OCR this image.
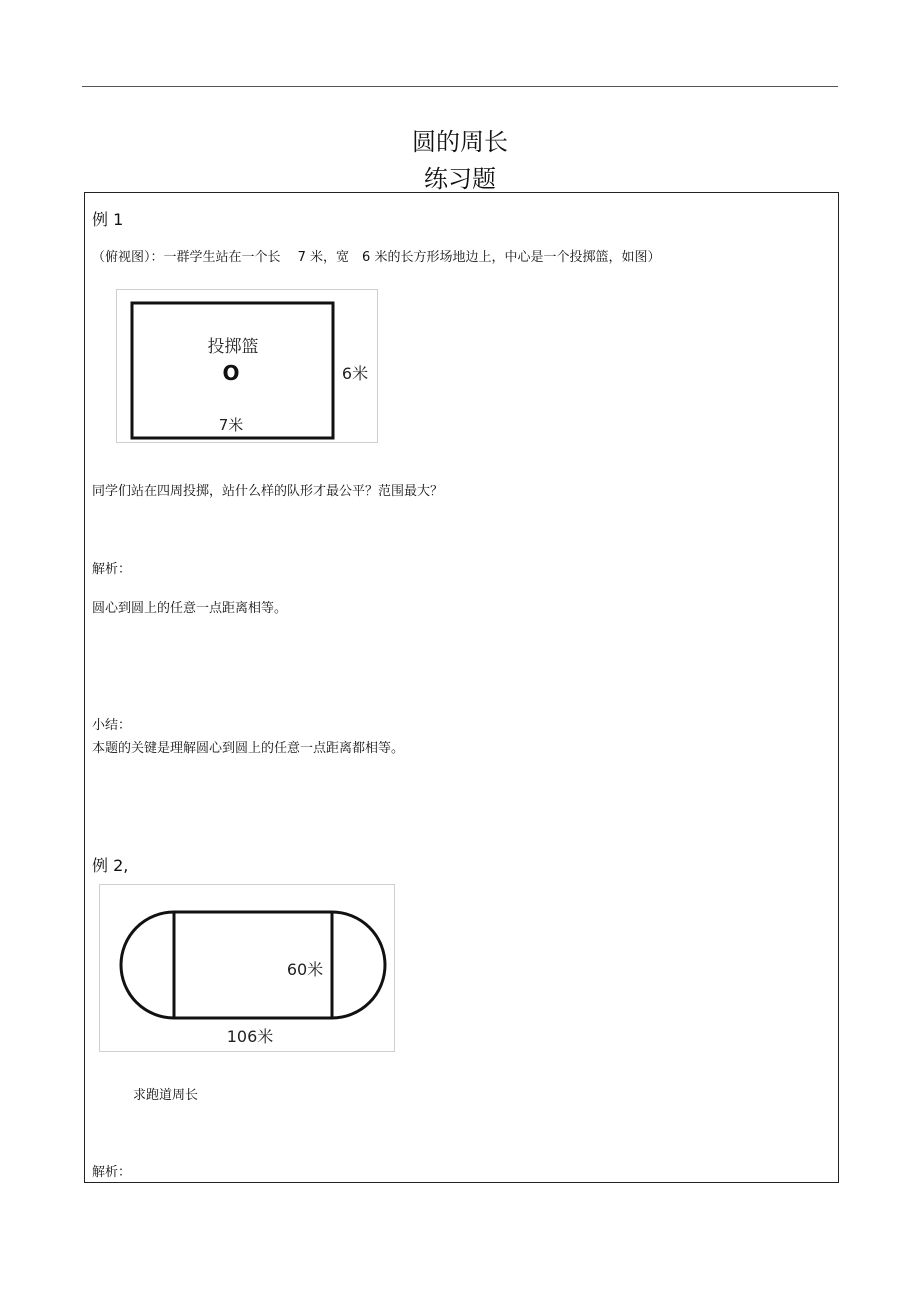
圆的周长
练习题
例 1
（俯视图）：一群学生站在一个长　 7 米，宽　6 米的长方形场地边上，中心是一个投掷篮，如图）
投掷篮
O
7米
6米
同学们站在四周投掷，站什么样的队形才最公平？范围最大？
解析：
圆心到圆上的任意一点距离相等。
小结：
本题的关键是理解圆心到圆上的任意一点距离都相等。
例 2,
60米
106米
求跑道周长
解析：
